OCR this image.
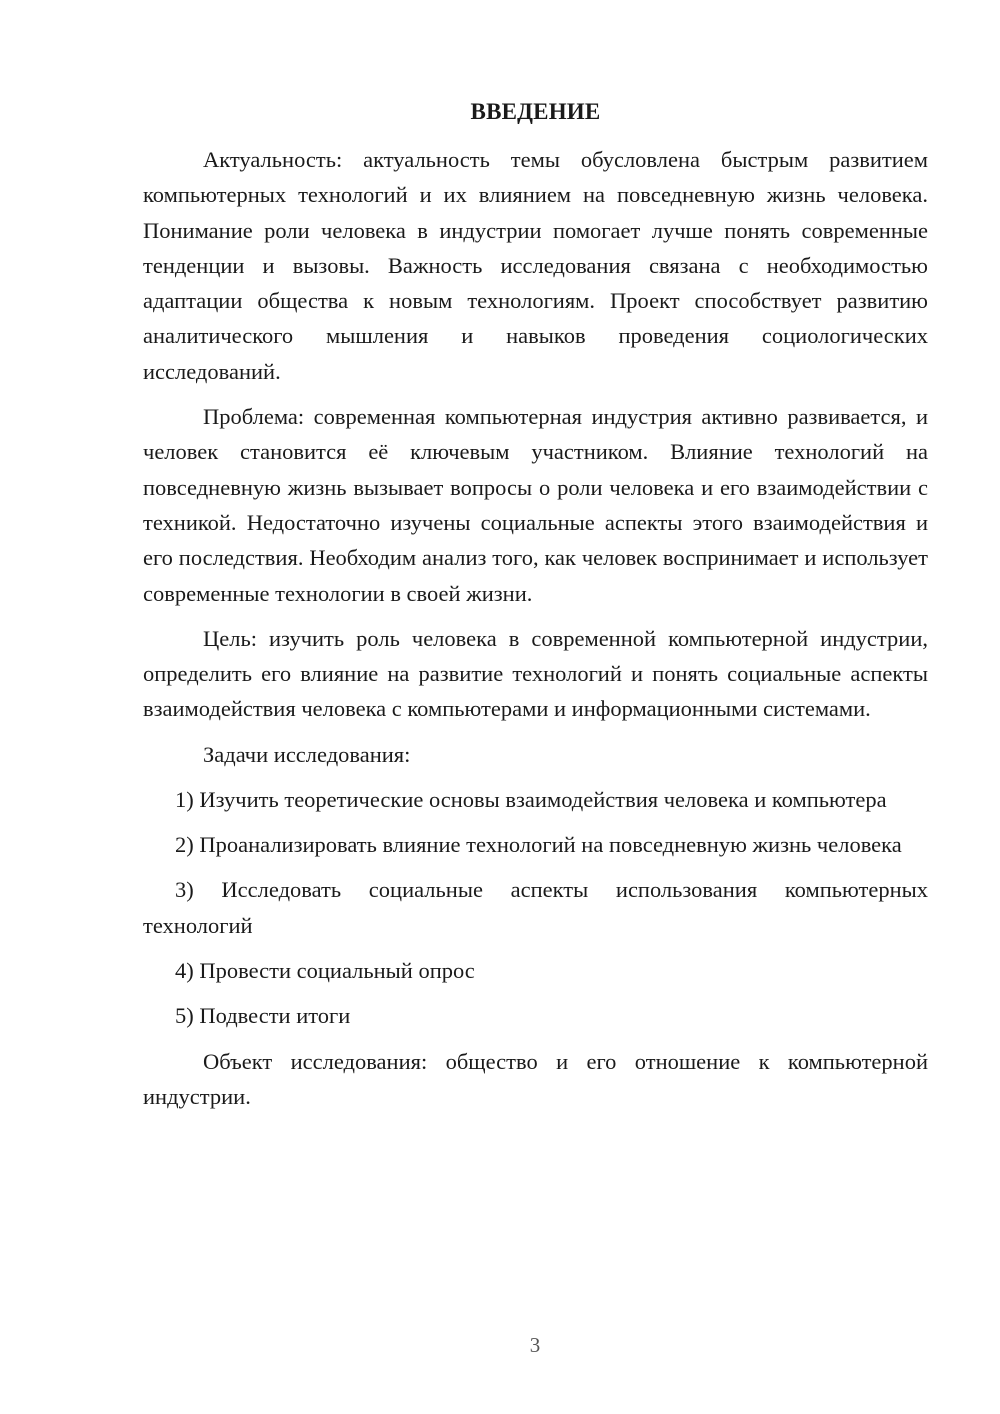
ВВЕДЕНИЕ

Актуальность: актуальность темы обусловлена быстрым развитием компьютерных технологий и их влиянием на повседневную жизнь человека. Понимание роли человека в индустрии помогает лучше понять современные тенденции и вызовы. Важность исследования связана с необходимостью адаптации общества к новым технологиям. Проект способствует развитию аналитического мышления и навыков проведения социологических исследований.

Проблема: современная компьютерная индустрия активно развивается, и человек становится её ключевым участником. Влияние технологий на повседневную жизнь вызывает вопросы о роли человека и его взаимодействии с техникой. Недостаточно изучены социальные аспекты этого взаимодействия и его последствия. Необходим анализ того, как человек воспринимает и использует современные технологии в своей жизни.

Цель: изучить роль человека в современной компьютерной индустрии, определить его влияние на развитие технологий и понять социальные аспекты взаимодействия человека с компьютерами и информационными системами.

Задачи исследования:

1) Изучить теоретические основы взаимодействия человека и компьютера

2) Проанализировать влияние технологий на повседневную жизнь человека

3) Исследовать социальные аспекты использования компьютерных технологий

4) Провести социальный опрос

5) Подвести итоги

Объект исследования: общество и его отношение к компьютерной индустрии.

3
